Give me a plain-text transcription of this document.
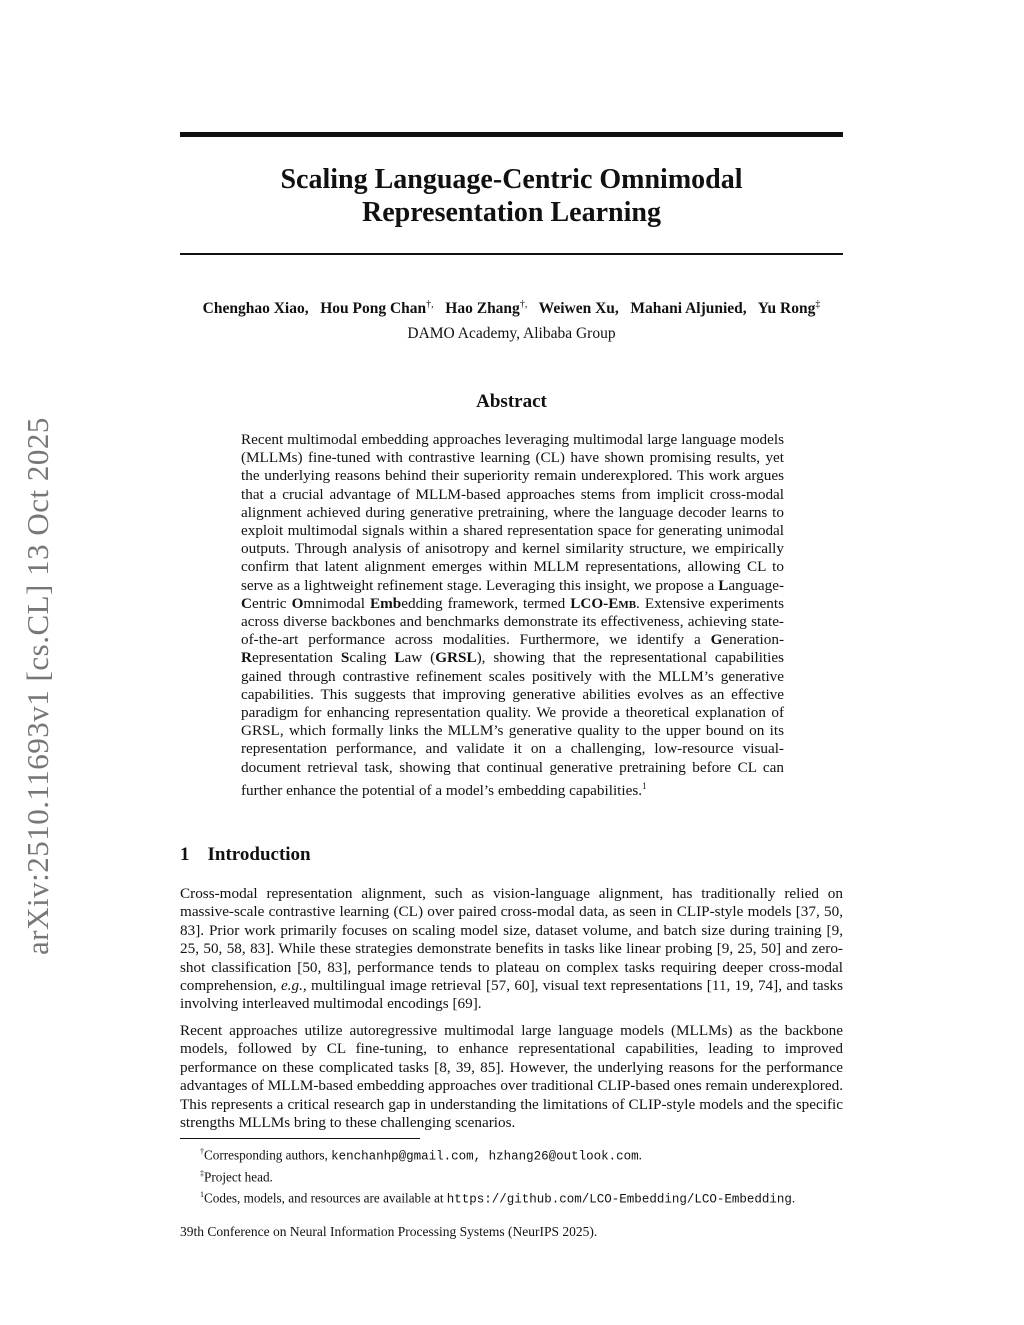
arXiv:2510.11693v1 [cs.CL] 13 Oct 2025
Scaling Language-Centric Omnimodal
Representation Learning
Chenghao Xiao, Hou Pong Chan†, Hao Zhang†, Weiwen Xu, Mahani Aljunied, Yu Rong‡
DAMO Academy, Alibaba Group
Abstract
Recent multimodal embedding approaches leveraging multimodal large language models (MLLMs) fine-tuned with contrastive learning (CL) have shown promising results, yet the underlying reasons behind their superiority remain underexplored. This work argues that a crucial advantage of MLLM-based approaches stems from implicit cross-modal alignment achieved during generative pretraining, where the language decoder learns to exploit multimodal signals within a shared representation space for generating unimodal outputs. Through analysis of anisotropy and kernel similarity structure, we empirically confirm that latent alignment emerges within MLLM representations, allowing CL to serve as a lightweight refinement stage. Leveraging this insight, we propose a Language-Centric Omnimodal Embedding framework, termed LCO-Emb. Extensive experiments across diverse backbones and benchmarks demonstrate its effectiveness, achieving state-of-the-art performance across modalities. Furthermore, we identify a Generation-Representation Scaling Law (GRSL), showing that the representational capabilities gained through contrastive refinement scales positively with the MLLM’s generative capabilities. This suggests that improving generative abilities evolves as an effective paradigm for enhancing representation quality. We provide a theoretical explanation of GRSL, which formally links the MLLM’s generative quality to the upper bound on its representation performance, and validate it on a challenging, low-resource visual-document retrieval task, showing that continual generative pretraining before CL can further enhance the potential of a model’s embedding capabilities.$^1$
1 Introduction
Cross-modal representation alignment, such as vision-language alignment, has traditionally relied on massive-scale contrastive learning (CL) over paired cross-modal data, as seen in CLIP-style models [37, 50, 83]. Prior work primarily focuses on scaling model size, dataset volume, and batch size during training [9, 25, 50, 58, 83]. While these strategies demonstrate benefits in tasks like linear probing [9, 25, 50] and zero-shot classification [50, 83], performance tends to plateau on complex tasks requiring deeper cross-modal comprehension, e.g., multilingual image retrieval [57, 60], visual text representations [11, 19, 74], and tasks involving interleaved multimodal encodings [69].
Recent approaches utilize autoregressive multimodal large language models (MLLMs) as the backbone models, followed by CL fine-tuning, to enhance representational capabilities, leading to improved performance on these complicated tasks [8, 39, 85]. However, the underlying reasons for the performance advantages of MLLM-based embedding approaches over traditional CLIP-based ones remain underexplored. This represents a critical research gap in understanding the limitations of CLIP-style models and the specific strengths MLLMs bring to these challenging scenarios.
†Corresponding authors, kenchanhp@gmail.com, hzhang26@outlook.com.
‡Project head.
$^1$Codes, models, and resources are available at https://github.com/LCO-Embedding/LCO-Embedding.
39th Conference on Neural Information Processing Systems (NeurIPS 2025).
